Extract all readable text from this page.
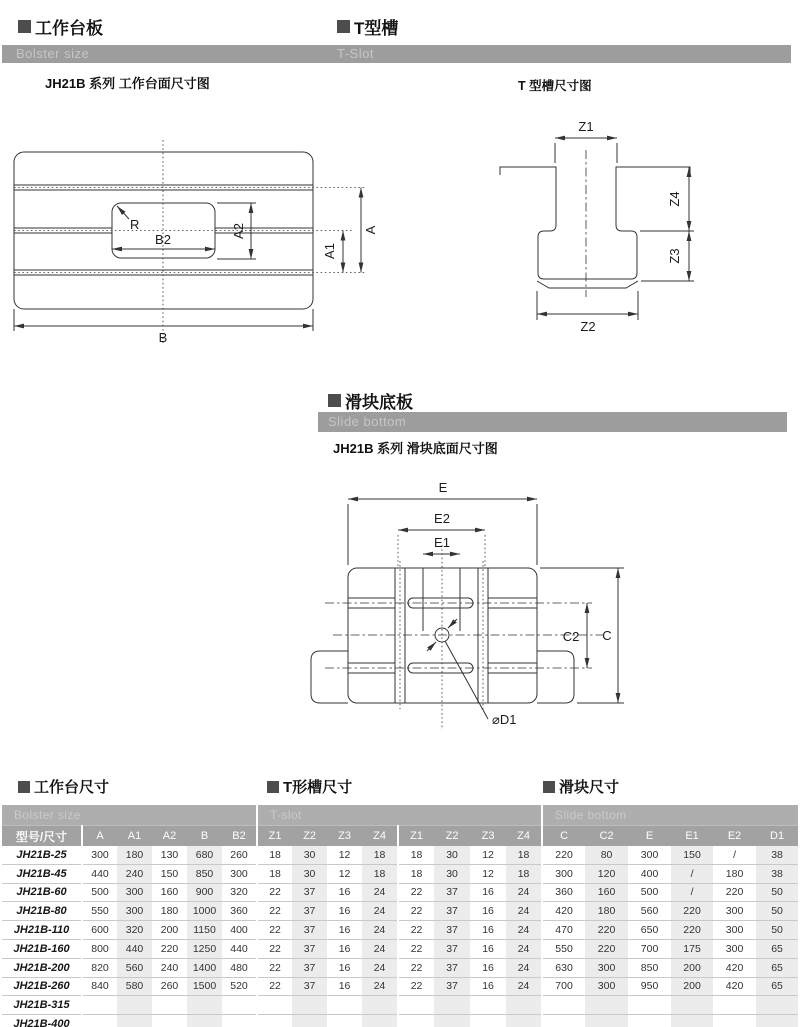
工作台板	T型槽
Bolster size	T-Slot
JH21B 系列 工作台面尺寸图	T 型槽尺寸图
R
B2
A2
A1
A
B
Z1
Z2
Z4
Z3
滑块底板
Slide bottom
JH21B 系列 滑块底面尺寸图
E
E2
E1
⌀D1
C
C2
工作台尺寸	T形槽尺寸	滑块尺寸
Bolster size						T-slot								Slide bottom					
型号/尺寸	A	A1	A2	B	B2	Z1	Z2	Z3	Z4	Z1	Z2	Z3	Z4	C	C2	E	E1	E2	D1
JH21B-25	300	180	130	680	260	18	30	12	18	18	30	12	18	220	80	300	150	/	38
JH21B-45	440	240	150	850	300	18	30	12	18	18	30	12	18	300	120	400	/	180	38
JH21B-60	500	300	160	900	320	22	37	16	24	22	37	16	24	360	160	500	/	220	50
JH21B-80	550	300	180	1000	360	22	37	16	24	22	37	16	24	420	180	560	220	300	50
JH21B-110	600	320	200	1150	400	22	37	16	24	22	37	16	24	470	220	650	220	300	50
JH21B-160	800	440	220	1250	440	22	37	16	24	22	37	16	24	550	220	700	175	300	65
JH21B-200	820	560	240	1400	480	22	37	16	24	22	37	16	24	630	300	850	200	420	65
JH21B-260	840	580	260	1500	520	22	37	16	24	22	37	16	24	700	300	950	200	420	65
JH21B-315																			
JH21B-400																			
